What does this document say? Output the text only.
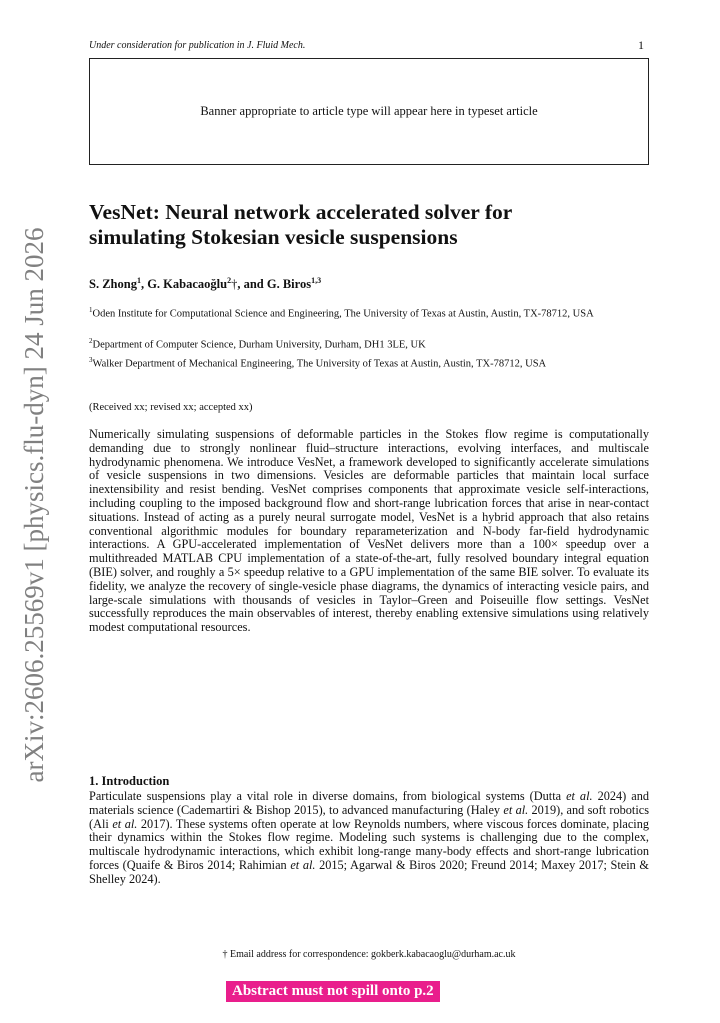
Under consideration for publication in J. Fluid Mech.	1
Banner appropriate to article type will appear here in typeset article
arXiv:2606.25569v1 [physics.flu-dyn] 24 Jun 2026
VesNet: Neural network accelerated solver for
simulating Stokesian vesicle suspensions
S. Zhong$^1$, G. Kabacaoğlu$^2$†, and G. Biros$^{1,3}$
$^1$Oden Institute for Computational Science and Engineering, The University of Texas at Austin, Austin, TX-78712, USA
$^2$Department of Computer Science, Durham University, Durham, DH1 3LE, UK
$^3$Walker Department of Mechanical Engineering, The University of Texas at Austin, Austin, TX-78712, USA
(Received xx; revised xx; accepted xx)
Numerically simulating suspensions of deformable particles in the Stokes flow regime is computationally demanding due to strongly nonlinear fluid–structure interactions, evolving interfaces, and multiscale hydrodynamic phenomena. We introduce VesNet, a framework developed to significantly accelerate simulations of vesicle suspensions in two dimensions. Vesicles are deformable particles that maintain local surface inextensibility and resist bending. VesNet comprises components that approximate vesicle self-interactions, including coupling to the imposed background flow and short-range lubrication forces that arise in near-contact situations. Instead of acting as a purely neural surrogate model, VesNet is a hybrid approach that also retains conventional algorithmic modules for boundary reparameterization and N-body far-field hydrodynamic interactions. A GPU-accelerated implementation of VesNet delivers more than a 100× speedup over a multithreaded MATLAB CPU implementation of a state-of-the-art, fully resolved boundary integral equation (BIE) solver, and roughly a 5× speedup relative to a GPU implementation of the same BIE solver. To evaluate its fidelity, we analyze the recovery of single-vesicle phase diagrams, the dynamics of interacting vesicle pairs, and large-scale simulations with thousands of vesicles in Taylor–Green and Poiseuille flow settings. VesNet successfully reproduces the main observables of interest, thereby enabling extensive simulations using relatively modest computational resources.
1. Introduction
Particulate suspensions play a vital role in diverse domains, from biological systems (Dutta et al. 2024) and materials science (Cademartiri & Bishop 2015), to advanced manufacturing (Haley et al. 2019), and soft robotics (Ali et al. 2017). These systems often operate at low Reynolds numbers, where viscous forces dominate, placing their dynamics within the Stokes flow regime. Modeling such systems is challenging due to the complex, multiscale hydrodynamic interactions, which exhibit long-range many-body effects and short-range lubrication forces (Quaife & Biros 2014; Rahimian et al. 2015; Agarwal & Biros 2020; Freund 2014; Maxey 2017; Stein & Shelley 2024).
† Email address for correspondence: gokberk.kabacaoglu@durham.ac.uk
Abstract must not spill onto p.2
